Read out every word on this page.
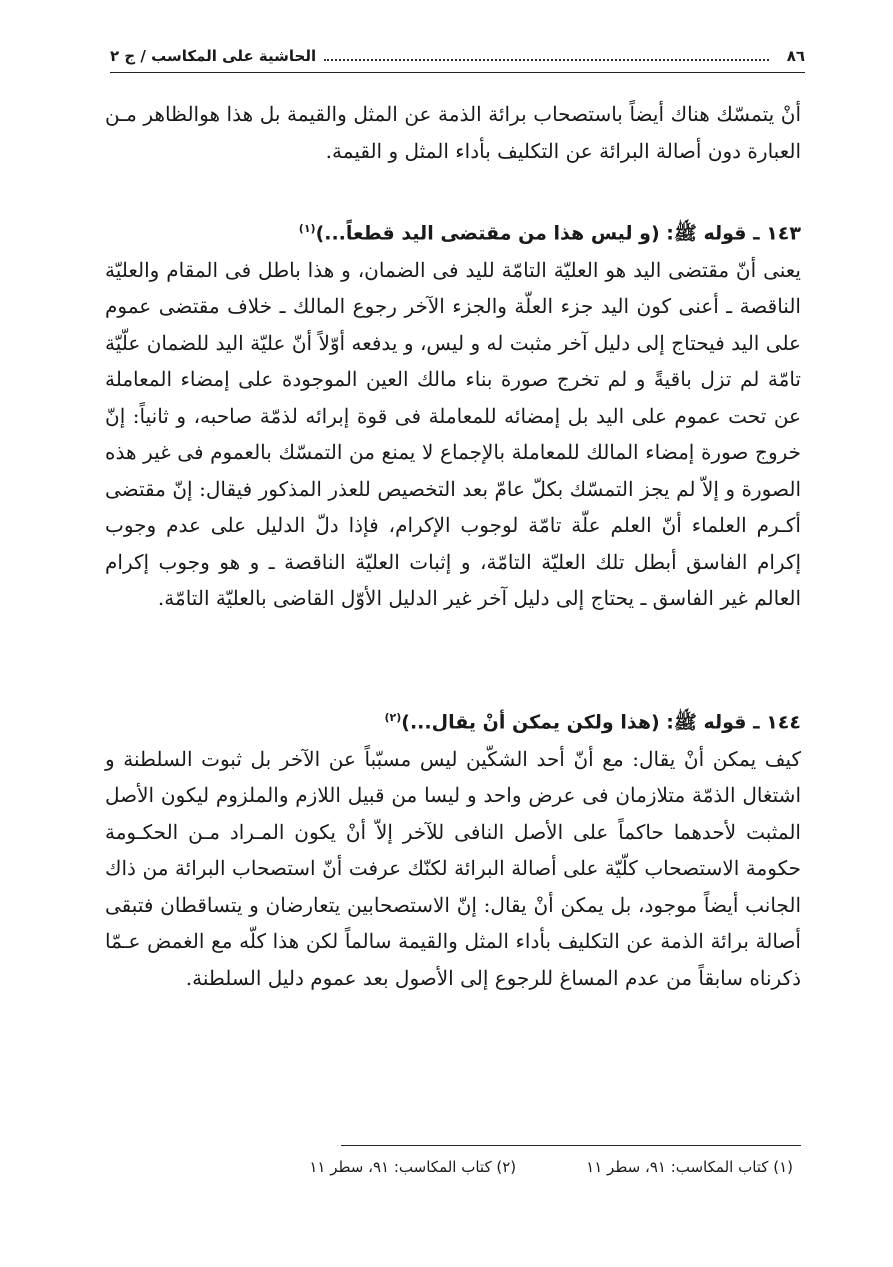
٨٦
الحاشية على المكاسب / ج ٢

أنْ يتمسّك هناك أيضاً باستصحاب برائة الذمة عن المثل والقيمة بل هذا هوالظاهر مـن العبارة دون أصالة البرائة عن التكليف بأداء المثل و القيمة.

١٤٣ ـ قوله ﷺ: (و ليس هذا من مقتضى اليد قطعاً...)$^{(١)}$

يعنى أنّ مقتضى اليد هو العليّة التامّة لليد فى الضمان، و هذا باطل فى المقام والعليّة الناقصة ـ أعنى كون اليد جزء العلّة والجزء الآخر رجوع المالك ـ خلاف مقتضى عموم على اليد فيحتاج إلى دليل آخر مثبت له و ليس، و يدفعه أوّلاً أنّ عليّة اليد للضمان علّيّة تامّة لم تزل باقيةً و لم تخرج صورة بناء مالك العين الموجودة على إمضاء المعاملة عن تحت عموم على اليد بل إمضائه للمعاملة فى قوة إبرائه لذمّة صاحبه، و ثانياً: إنّ خروج صورة إمضاء المالك للمعاملة بالإجماع لا يمنع من التمسّك بالعموم فى غير هذه الصورة و إلاّ لم يجز التمسّك بكلّ عامّ بعد التخصيص للعذر المذكور فيقال: إنّ مقتضى أكـرم العلماء أنّ العلم علّة تامّة لوجوب الإكرام، فإذا دلّ الدليل على عدم وجوب إكرام الفاسق أبطل تلك العليّة التامّة، و إثبات العليّة الناقصة ـ و هو وجوب إكرام العالم غير الفاسق ـ يحتاج إلى دليل آخر غير الدليل الأوّل القاضى بالعليّة التامّة.

١٤٤ ـ قوله ﷺ: (هذا ولكن يمكن أنْ يقال...)$^{(٢)}$

كيف يمكن أنْ يقال: مع أنّ أحد الشكّين ليس مسبّباً عن الآخر بل ثبوت السلطنة و اشتغال الذمّة متلازمان فى عرض واحد و ليسا من قبيل اللازم والملزوم ليكون الأصل المثبت لأحدهما حاكماً على الأصل النافى للآخر إلاّ أنْ يكون المـراد مـن الحكـومة حكومة الاستصحاب كلّيّة على أصالة البرائة لكنّك عرفت أنّ استصحاب البرائة من ذاك الجانب أيضاً موجود، بل يمكن أنْ يقال: إنّ الاستصحابين يتعارضان و يتساقطان فتبقى أصالة برائة الذمة عن التكليف بأداء المثل والقيمة سالماً لكن هذا كلّه مع الغمض عـمّا ذكرناه سابقاً من عدم المساغ للرجوع إلى الأصول بعد عموم دليل السلطنة.

(١) كتاب المكاسب: ٩١، سطر ١١
(٢) كتاب المكاسب: ٩١، سطر ١١
